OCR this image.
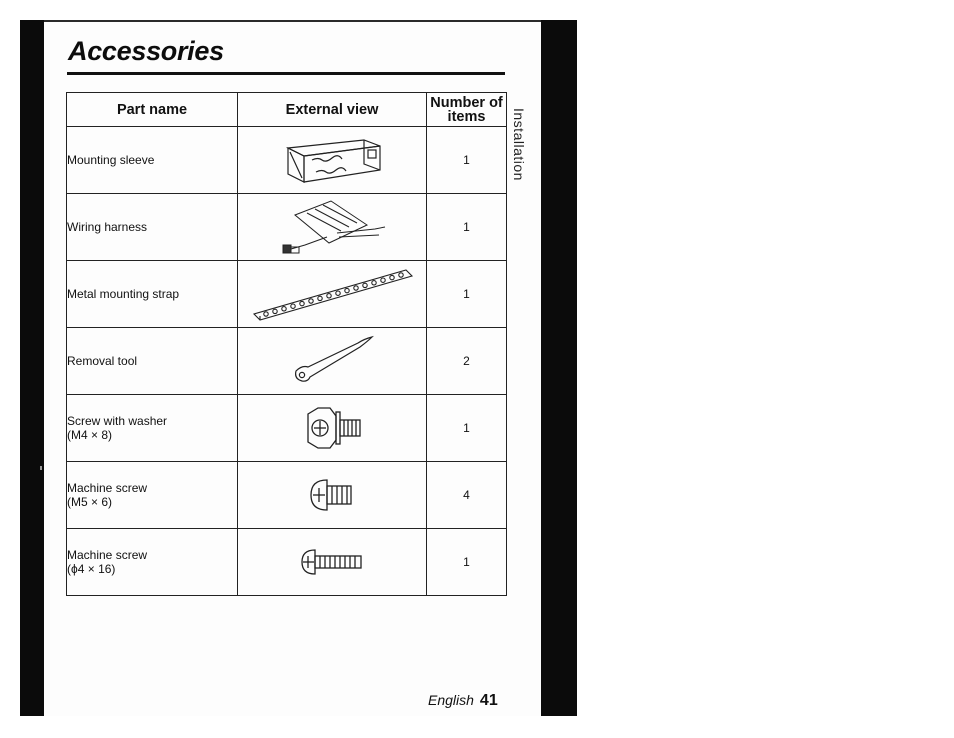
Accessories
Part name	External view	Number of
items

Mounting sleeve		1

Wiring harness		1

Metal mounting strap		1

Removal tool		2

Screw with washer
(M4 × 8)		1

Machine screw
(M5 × 6)		4

Machine screw
(ϕ4 × 16)		1
Installation
English 41
